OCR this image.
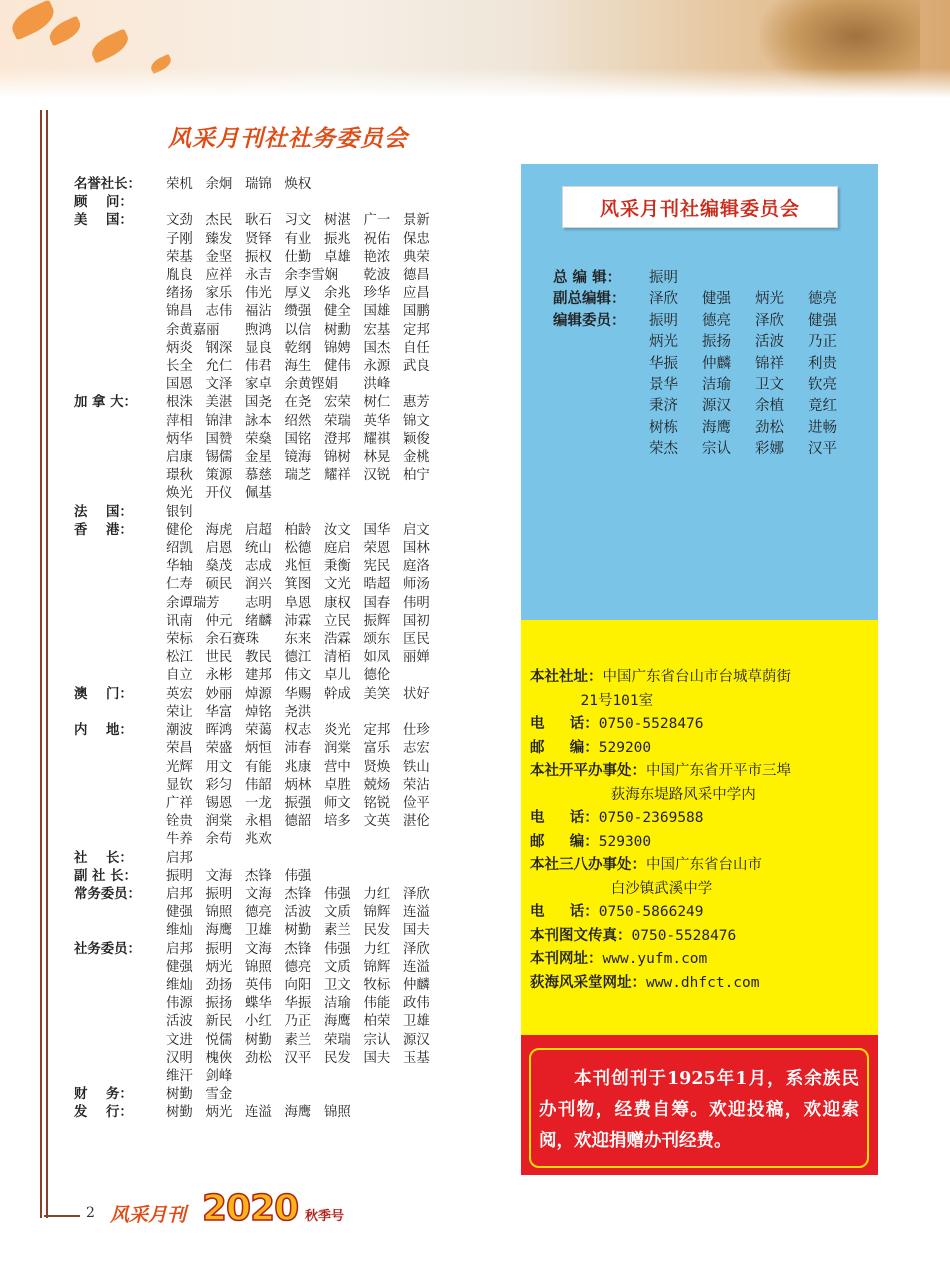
风采月刊社社务委员会
名誉社长：	荣机 余炯 瑞锦 焕权
顾    问：

美    国：	文劲 杰民 耿石 习文 树湛 广一 景新
子刚 臻发 贤铎 有业 振兆 祝佑 保忠
荣基 金坚 振权 仕勤 卓雄 艳浓 典荣
胤良 应祥 永吉 余李雪娴 乾波 德昌
绪扬 家乐 伟光 厚义 余兆 珍华 应昌
锦昌 志伟 福沾 缵强 健全 国雄 国鹏
余黄嘉丽 煦鸿 以信 树勳 宏基 定邦
炳炎 钢深 显良 乾纲 锦娉 国杰 自任
长全 允仁 伟君 海生 健伟 永源 武良
国恩 文泽 家卓 余黄铿娟 洪峰
加 拿 大：	根洙 美湛 国尧 在尧 宏荣 树仁 惠芳
萍相 锦津 詠本 绍然 荣瑞 英华 锦文
炳华 国赞 荣燊 国铭 澄邦 耀祺 颖俊
启康 锡儒 金星 镜海 锦树 林晃 金桃
璟秋 策源 慕慈 瑞芝 耀祥 汉锐 柏宁
焕光 开仪 佩基
法    国：	银钊
香    港：	健伦 海虎 启超 柏龄 汝文 国华 启文
绍凯 启恩 统山 松德 庭启 荣恩 国林
华轴 燊茂 志成 兆恒 秉衡 宪民 庭洛
仁寿 硕民 润兴 箕图 文光 晧超 师汤
余谭瑞芳 志明 阜恩 康权 国春 伟明
讯南 仲元 绪麟 沛霖 立民 振辉 国初
荣标 余石赛珠 东来 浩霖 颂东 匡民
松江 世民 教民 德江 清栢 如凤 丽婵
自立 永彬 建邦 伟文 卓儿 德伦
澳    门：	英宏 妙丽 焯源 华赐 幹成 美笑 状好
荣让 华富 焯铭 尧洪
内    地：	潮波 晖鸿 荣蔼 权志 炎光 定邦 仕珍
荣昌 荣盛 炳恒 沛春 润棠 富乐 志宏
光辉 用文 有能 兆康 营中 贤焕 铁山
显钦 彩匀 伟韶 炳林 卓胜 兢炀 荣沾
广祥 锡恩 一龙 振强 师文 铭锐 俭平
铨贵 润棠 永椙 德韶 培多 文英 湛伦
牛养 余苟 兆欢
社    长：	启邦
副 社 长：	振明 文海 杰锋 伟强
常务委员：	启邦 振明 文海 杰锋 伟强 力红 泽欣
健强 锦照 德亮 活波 文质 锦辉 连溢
维灿 海鹰 卫雄 树勤 素兰 民发 国夫
社务委员：	启邦 振明 文海 杰锋 伟强 力红 泽欣
健强 炳光 锦照 德亮 文质 锦辉 连溢
维灿 劲扬 英伟 向阳 卫文 牧标 仲麟
伟源 振扬 蝶华 华振 洁瑜 伟能 政伟
活波 新民 小红 乃正 海鹰 柏荣 卫雄
文进 悦儒 树勤 素兰 荣瑞 宗认 源汉
汉明 槐俠 劲松 汉平 民发 国夫 玉基
维汗 剑峰
财    务：	树勤 雪金
发    行：	树勤 炳光 连溢 海鹰 锦照
风采月刊社编辑委员会
总 编 辑：	振明
副总编辑：	泽欣	健强	炳光	德亮
编辑委员：	振明	德亮	泽欣	健强
炳光	振扬	活波	乃正
华振	仲麟	锦祥	利贵
景华	洁瑜	卫文	钦亮
秉济	源汉	余植	竟红
树栋	海鹰	劲松	进畅
荣杰	宗认	彩娜	汉平
本社社址： 中国广东省台山市台城草荫街

21号101室
电     话： 0750-5528476
邮     编： 529200
本社开平办事处： 中国广东省开平市三埠

荻海东堤路风采中学内
电     话： 0750-2369588
邮     编： 529300
本社三八办事处： 中国广东省台山市

白沙镇武溪中学
电     话： 0750-5866249
本刊图文传真： 0750-5528476
本刊网址： www.yufm.com
荻海风采堂网址： www.dhfct.com
本刊创刊于1925年1月，系余族民办刊物，经费自筹。欢迎投稿，欢迎索阅，欢迎捐赠办刊经费。
2 风采月刊 2020 秋季号
